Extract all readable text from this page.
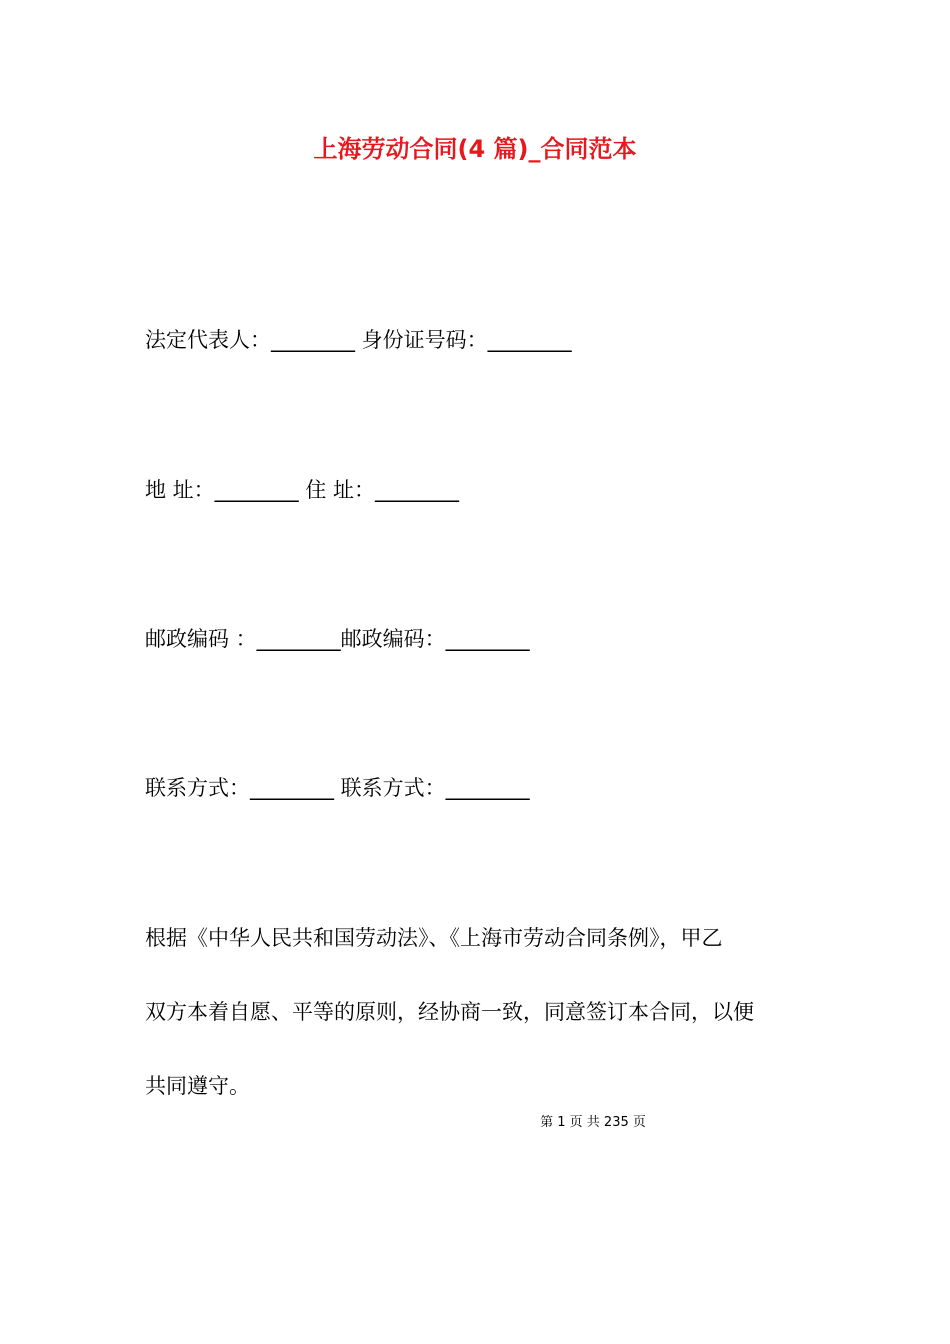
上海劳动合同(4 篇)_合同范本
法定代表人：________ 身份证号码：________
地 址：________ 住 址：________
邮政编码 ：________邮政编码：________
联系方式：________ 联系方式：________
根据《中华人民共和国劳动法》、《上海市劳动合同条例》，甲乙
双方本着自愿、平等的原则，经协商一致，同意签订本合同，以便
共同遵守。
第 1 页 共 235 页
